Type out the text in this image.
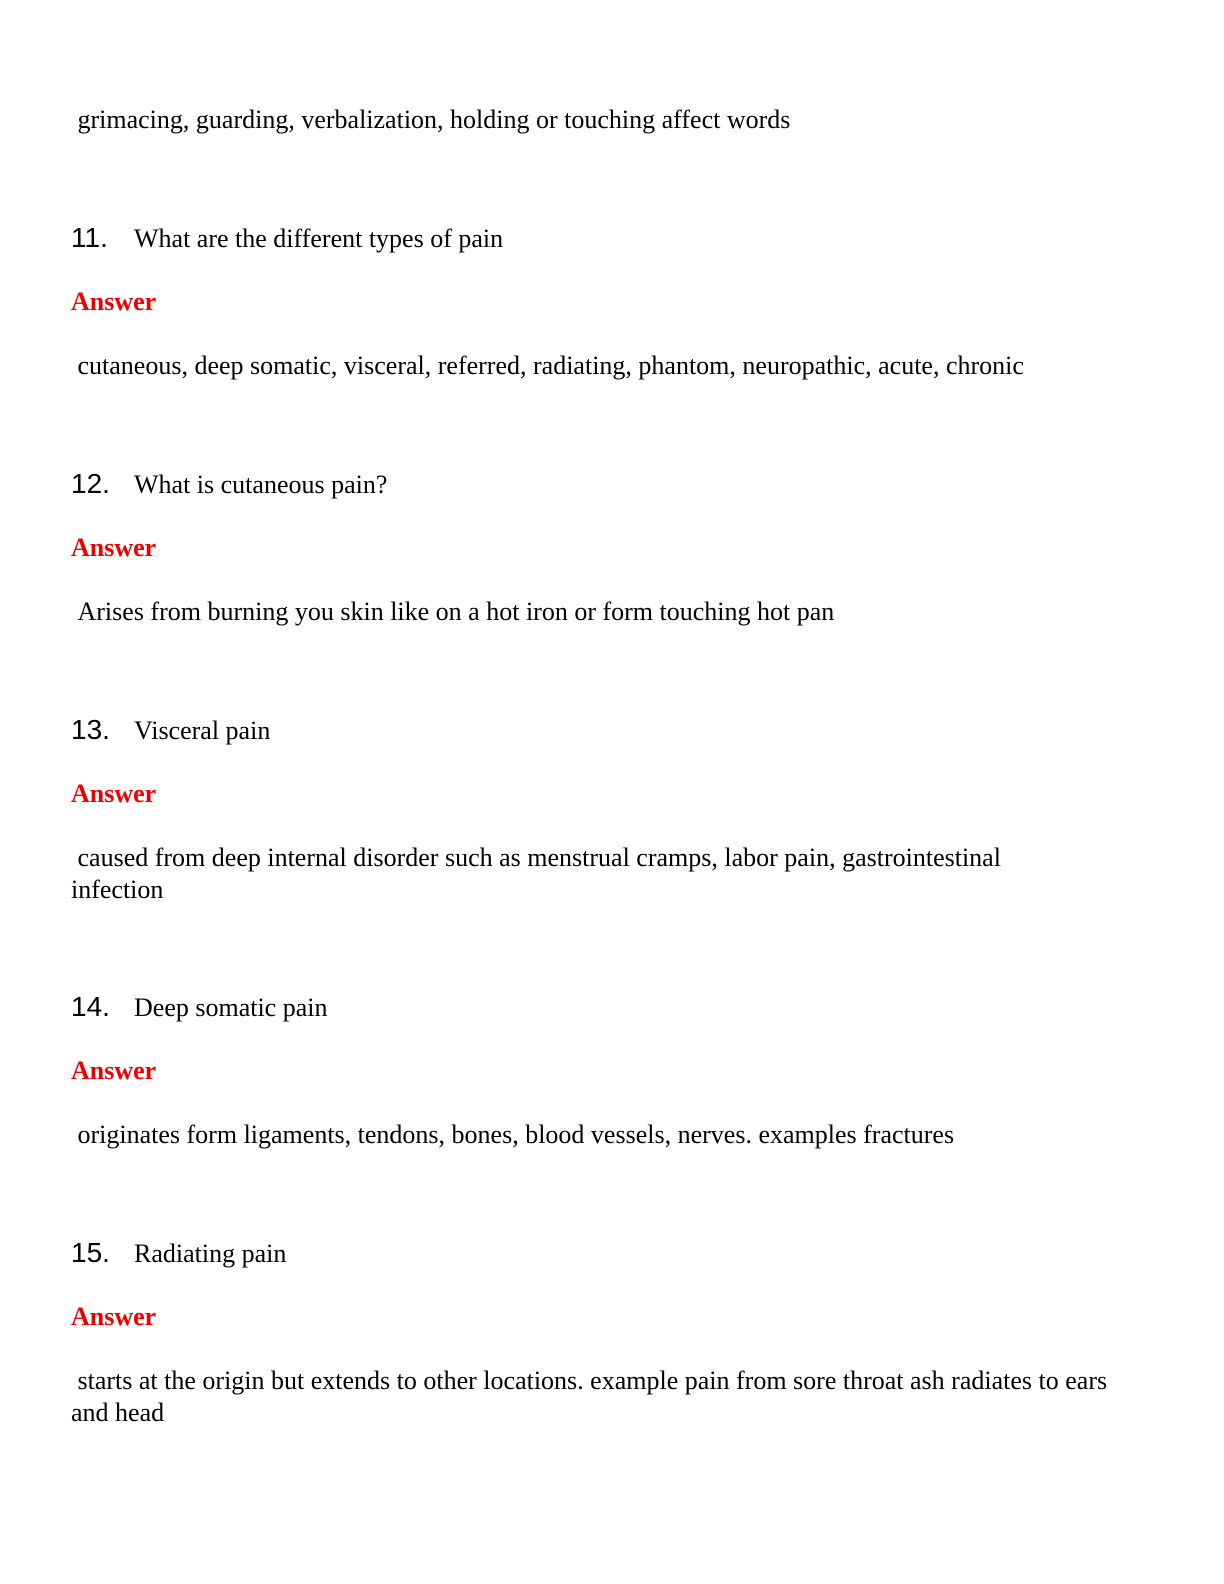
grimacing, guarding, verbalization, holding or touching affect words
11. What are the different types of pain
Answer
cutaneous, deep somatic, visceral, referred, radiating, phantom, neuropathic, acute, chronic
12. What is cutaneous pain?
Answer
Arises from burning you skin like on a hot iron or form touching hot pan
13. Visceral pain
Answer
caused from deep internal disorder such as menstrual cramps, labor pain, gastrointestinal infection
14. Deep somatic pain
Answer
originates form ligaments, tendons, bones, blood vessels, nerves. examples fractures
15. Radiating pain
Answer
starts at the origin but extends to other locations. example pain from sore throat ash radiates to ears and head
